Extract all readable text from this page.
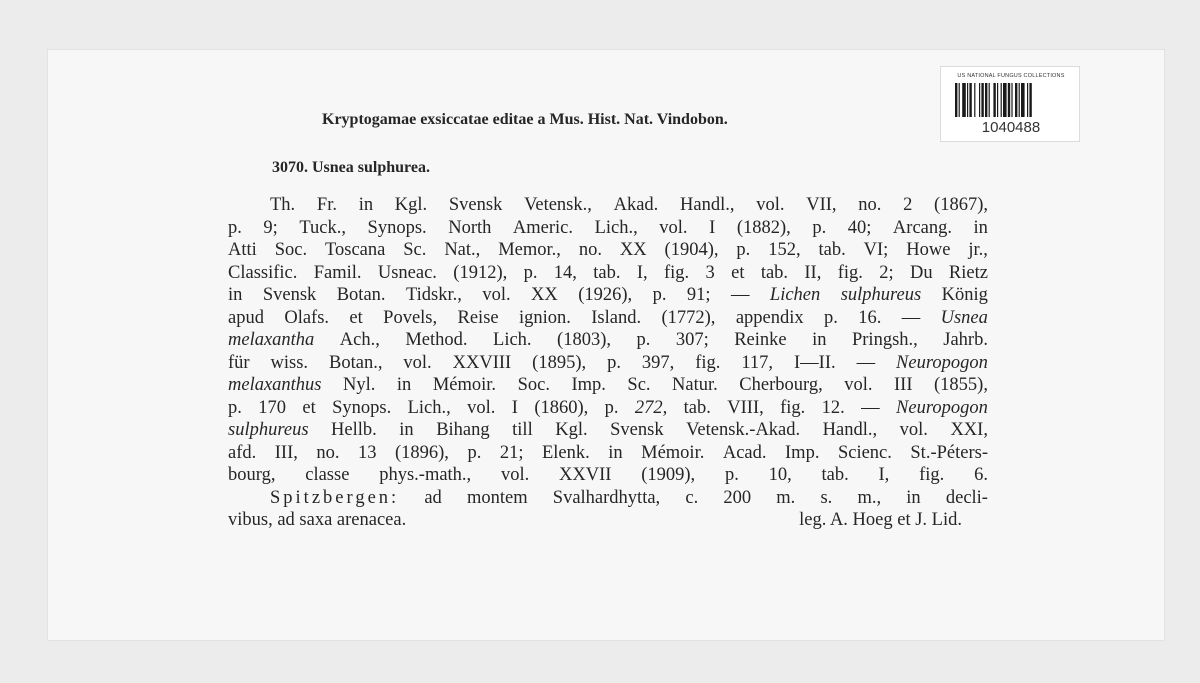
US NATIONAL FUNGUS COLLECTIONS
1040488
Kryptogamae exsiccatae editae a Mus. Hist. Nat. Vindobon.
3070. Usnea sulphurea.
Th. Fr. in Kgl. Svensk Vetensk., Akad. Handl., vol. VII, no. 2 (1867),
p. 9; Tuck., Synops. North Americ. Lich., vol. I (1882), p. 40; Arcang. in
Atti Soc. Toscana Sc. Nat., Memor., no. XX (1904), p. 152, tab. VI; Howe jr.,
Classific. Famil. Usneac. (1912), p. 14, tab. I, fig. 3 et tab. II, fig. 2; Du Rietz
in Svensk Botan. Tidskr., vol. XX (1926), p. 91; — Lichen sulphureus König
apud Olafs. et Povels, Reise ignion. Island. (1772), appendix p. 16. — Usnea
melaxantha Ach., Method. Lich. (1803), p. 307; Reinke in Pringsh., Jahrb.
für wiss. Botan., vol. XXVIII (1895), p. 397, fig. 117, I—II. — Neuropogon
melaxanthus Nyl. in Mémoir. Soc. Imp. Sc. Natur. Cherbourg, vol. III (1855),
p. 170 et Synops. Lich., vol. I (1860), p. 272, tab. VIII, fig. 12. — Neuropogon
sulphureus Hellb. in Bihang till Kgl. Svensk Vetensk.-Akad. Handl., vol. XXI,
afd. III, no. 13 (1896), p. 21; Elenk. in Mémoir. Acad. Imp. Scienc. St.-Péters-
bourg, classe phys.-math., vol. XXVII (1909), p. 10, tab. I, fig. 6.
Spitzbergen: ad montem Svalhardhytta, c. 200 m. s. m., in decli-
vibus, ad saxa arenacea.	leg. A. Hoeg et J. Lid.
